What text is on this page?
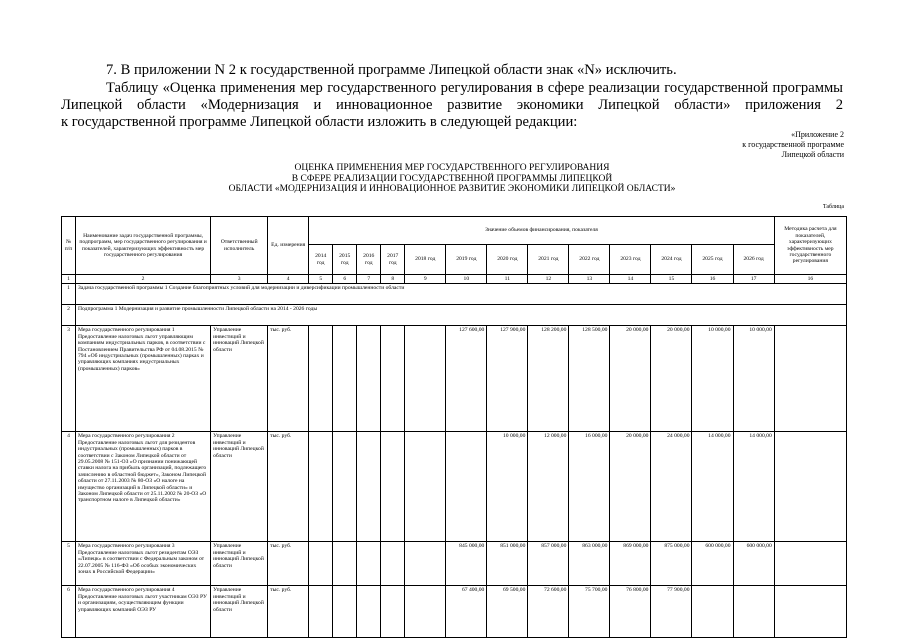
7. В приложении N 2 к государственной программе Липецкой области знак «N» исключить.
Таблицу «Оценка применения мер государственного регулирования в сфере реализации государственной программы Липецкой области «Модернизация и инновационное развитие экономики Липецкой области» приложения 2
к государственной программе Липецкой области изложить в следующей редакции:
«Приложение 2
к государственной программе
Липецкой области
ОЦЕНКА ПРИМЕНЕНИЯ МЕР ГОСУДАРСТВЕННОГО РЕГУЛИРОВАНИЯ
В СФЕРЕ РЕАЛИЗАЦИИ ГОСУДАРСТВЕННОЙ ПРОГРАММЫ ЛИПЕЦКОЙ
ОБЛАСТИ «МОДЕРНИЗАЦИЯ И ИННОВАЦИОННОЕ РАЗВИТИЕ ЭКОНОМИКИ ЛИПЕЦКОЙ ОБЛАСТИ»
Таблица
№ п/п	Наименование задач государственной программы, подпрограмм, мер государственного регулирования и показателей, характеризующих эффективность мер государственного регулирования	Ответственный исполнитель	Ед. измерения	Значение объемов финансирования, показателя													Методика расчета для показателей, характеризующих эффективность мер государственного регулирования
				2014 год	2015 год	2016 год	2017 год	2018 год	2019 год	2020 год	2021 год	2022 год	2023 год	2024 год	2025 год	2026 год	
1	2	3	4	5	6	7	8	9	10	11	12	13	14	15	16	17	16
1	Задача государственной программы 1 Создание благоприятных условий для модернизации и диверсификации промышленности области																
2	Подпрограмма 1 Модернизация и развитие промышленности Липецкой области на 2014 - 2026 годы																
3	Мера государственного регулирования 1 Предоставление налоговых льгот управляющим компаниям индустриальных парков, в соответствии с Постановлением Правительства РФ от 04.08.2015 № 794 «Об индустриальных (промышленных) парках и управляющих компаниях индустриальных (промышленных) парков»	Управление инвестиций и инноваций Липецкой области	тыс. руб.						127 600,00	127 900,00	128 200,00	128 500,00	20 000,00	20 000,00	10 000,00	10 000,00	
4	Мера государственного регулирования 2 Предоставление налоговых льгот для резидентов индустриальных (промышленных) парков в соответствии с Законом Липецкой области от 29.05.2008 № 151-ОЗ «О признании понижающей ставки налога на прибыль организаций, подлежащего зачислению в областной бюджет», Законом Липецкой области от 27.11.2003 № 80-ОЗ «О налоге на имущество организаций в Липецкой области» и Законом Липецкой области от 25.11.2002 № 20-ОЗ «О транспортном налоге в Липецкой области»	Управление инвестиций и инноваций Липецкой области	тыс. руб.							10 000,00	12 000,00	16 000,00	20 000,00	24 000,00	14 000,00	14 000,00	
5	Мера государственного регулирования 3 Предоставление налоговых льгот резидентам ОЭЗ «Липецк» в соответствии с Федеральным законом от 22.07.2005 № 116-ФЗ «Об особых экономических зонах в Российской Федерации»	Управление инвестиций и инноваций Липецкой области	тыс. руб.						845 000,00	851 000,00	857 000,00	863 000,00	869 000,00	875 000,00	600 000,00	600 000,00	
6	Мера государственного регулирования 4 Предоставление налоговых льгот участникам ОЭЗ РУ и организациям, осуществляющим функции управляющих компаний ОЭЗ РУ	Управление инвестиций и инноваций Липецкой области	тыс. руб.						67 400,00	69 500,00	72 600,00	75 700,00	76 800,00	77 900,00			
